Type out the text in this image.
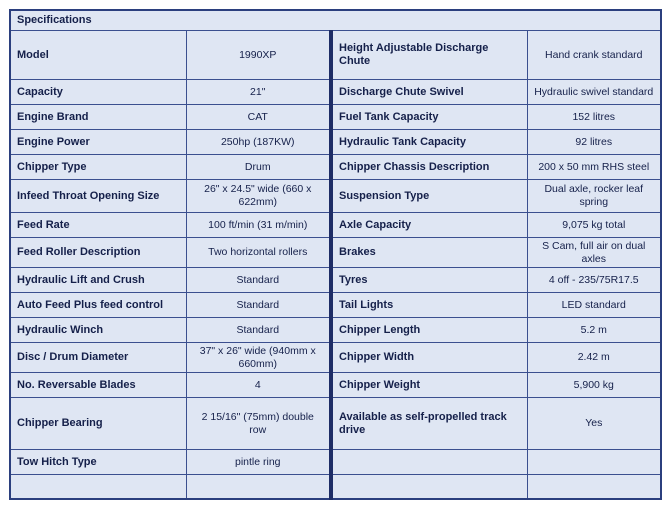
Specifications			
Model	1990XP	Height Adjustable Discharge Chute	Hand crank standard
Capacity	21"	Discharge Chute Swivel	Hydraulic swivel standard
Engine Brand	CAT	Fuel Tank Capacity	152 litres
Engine Power	250hp (187KW)	Hydraulic Tank Capacity	92 litres
Chipper Type	Drum	Chipper Chassis Description	200 x 50 mm RHS steel
Infeed Throat Opening Size	26" x 24.5" wide (660 x 622mm)	Suspension Type	Dual axle, rocker leaf spring
Feed Rate	100 ft/min (31 m/min)	Axle Capacity	9,075 kg total
Feed Roller Description	Two horizontal rollers	Brakes	S Cam, full air on dual axles
Hydraulic Lift and Crush	Standard	Tyres	4 off - 235/75R17.5
Auto Feed Plus feed control	Standard	Tail Lights	LED standard
Hydraulic Winch	Standard	Chipper Length	5.2 m
Disc / Drum Diameter	37" x 26" wide (940mm x 660mm)	Chipper Width	2.42 m
No. Reversable Blades	4	Chipper Weight	5,900 kg
Chipper Bearing	2 15/16" (75mm) double row	Available as self-propelled track drive	Yes
Tow Hitch Type	pintle ring		
